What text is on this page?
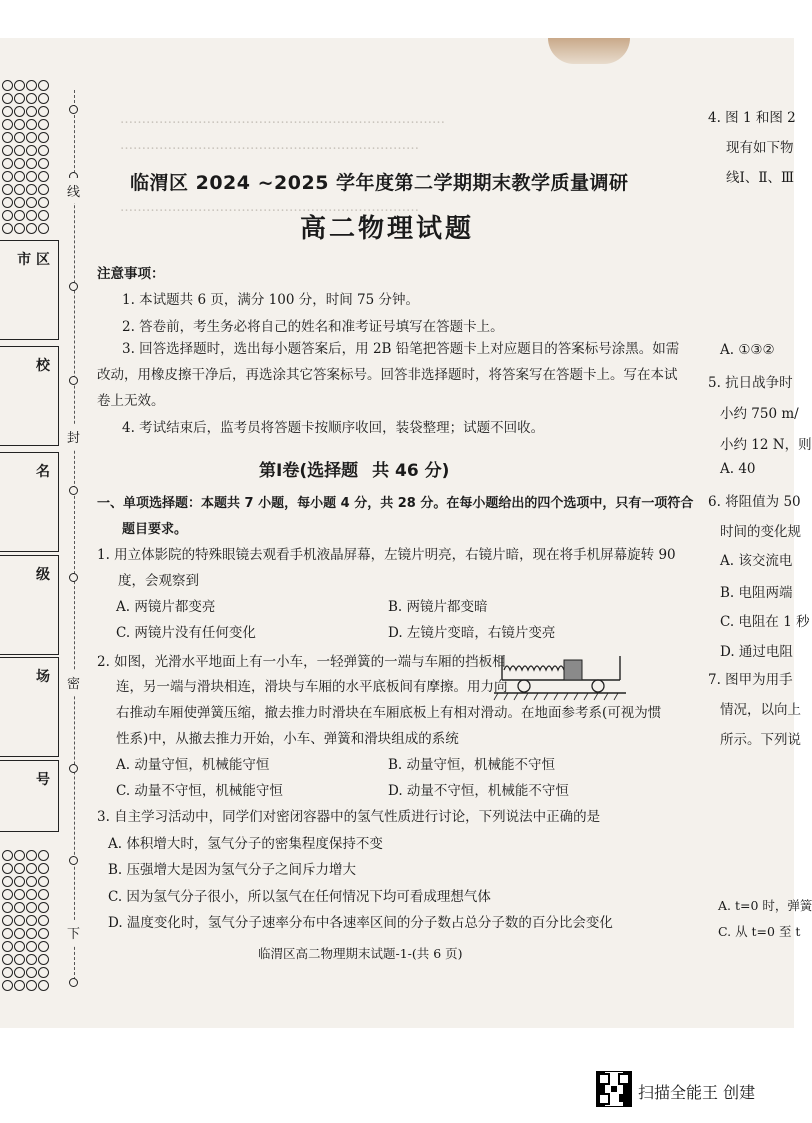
线
封
密
下
市 区
校
名
级
场
号
…………………………………………………………………
……………………………………………………………
……………………………………………………………
临渭区 2024 ~2025 学年度第二学期期末教学质量调研
高二物理试题
注意事项：
1. 本试题共 6 页，满分 100 分，时间 75 分钟。
2. 答卷前，考生务必将自己的姓名和准考证号填写在答题卡上。
3. 回答选择题时，选出每小题答案后，用 2B 铅笔把答题卡上对应题目的答案标号涂黑。如需
改动，用橡皮擦干净后，再选涂其它答案标号。回答非选择题时，将答案写在答题卡上。写在本试
卷上无效。
4. 考试结束后，监考员将答题卡按顺序收回，装袋整理；试题不回收。
第Ⅰ卷(选择题 共 46 分)
一、单项选择题：本题共 7 小题，每小题 4 分，共 28 分。在每小题给出的四个选项中，只有一项符合
题目要求。
1. 用立体影院的特殊眼镜去观看手机液晶屏幕，左镜片明亮，右镜片暗，现在将手机屏幕旋转 90
度，会观察到
A. 两镜片都变亮	B. 两镜片都变暗
C. 两镜片没有任何变化	D. 左镜片变暗，右镜片变亮
2. 如图，光滑水平地面上有一小车，一轻弹簧的一端与车厢的挡板相
连，另一端与滑块相连，滑块与车厢的水平底板间有摩擦。用力向
右推动车厢使弹簧压缩，撤去推力时滑块在车厢底板上有相对滑动。在地面参考系(可视为惯
性系)中，从撤去推力开始，小车、弹簧和滑块组成的系统
A. 动量守恒，机械能守恒	B. 动量守恒，机械能不守恒
C. 动量不守恒，机械能守恒	D. 动量不守恒，机械能不守恒
3. 自主学习活动中，同学们对密闭容器中的氢气性质进行讨论，下列说法中正确的是
A. 体积增大时，氢气分子的密集程度保持不变
B. 压强增大是因为氢气分子之间斥力增大
C. 因为氢气分子很小，所以氢气在任何情况下均可看成理想气体
D. 温度变化时，氢气分子速率分布中各速率区间的分子数占总分子数的百分比会变化
临渭区高二物理期末试题-1-(共 6 页)
4. 图 1 和图 2
现有如下物
线Ⅰ、Ⅱ、Ⅲ
A. ①③②
5. 抗日战争时
小约 750 m/
小约 12 N，则
A. 40
6. 将阻值为 50
时间的变化规
A. 该交流电
B. 电阻两端
C. 电阻在 1 秒
D. 通过电阻
7. 图甲为用手
情况，以向上
所示。下列说
A. t=0 时，弹簧
C. 从 t=0 至 t
扫描全能王 创建
